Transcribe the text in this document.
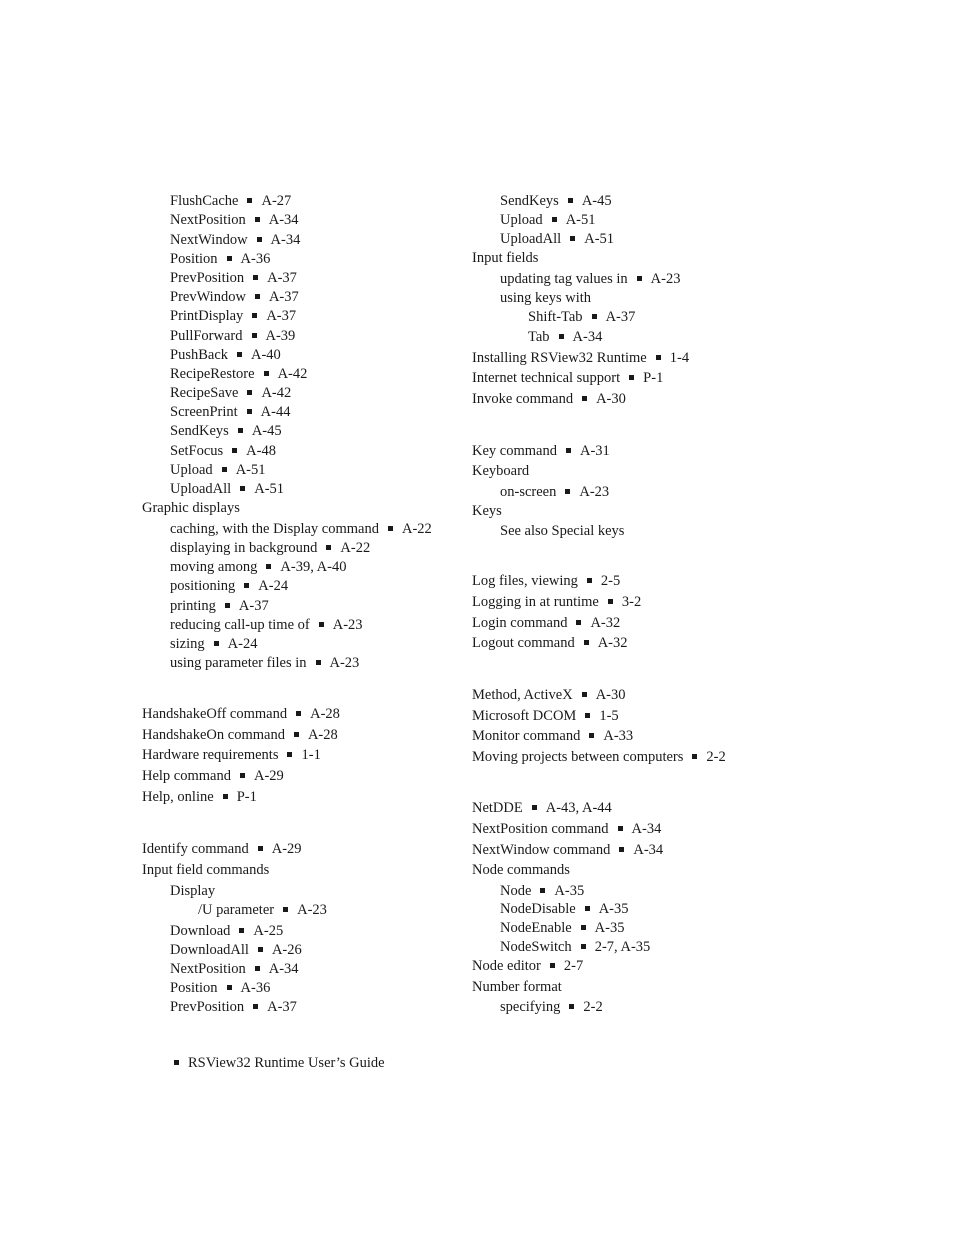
FlushCache A-27
NextPosition A-34
NextWindow A-34
Position A-36
PrevPosition A-37
PrevWindow A-37
PrintDisplay A-37
PullForward A-39
PushBack A-40
RecipeRestore A-42
RecipeSave A-42
ScreenPrint A-44
SendKeys A-45
SetFocus A-48
Upload A-51
UploadAll A-51
Graphic displays
caching, with the Display command A-22
displaying in background A-22
moving among A-39, A-40
positioning A-24
printing A-37
reducing call-up time of A-23
sizing A-24
using parameter files in A-23
HandshakeOff command A-28
HandshakeOn command A-28
Hardware requirements 1-1
Help command A-29
Help, online P-1
Identify command A-29
Input field commands
Display
/U parameter A-23
Download A-25
DownloadAll A-26
NextPosition A-34
Position A-36
PrevPosition A-37
SendKeys A-45
Upload A-51
UploadAll A-51
Input fields
updating tag values in A-23
using keys with
Shift-Tab A-37
Tab A-34
Installing RSView32 Runtime 1-4
Internet technical support P-1
Invoke command A-30
Key command A-31
Keyboard
on-screen A-23
Keys
See also Special keys
Log files, viewing 2-5
Logging in at runtime 3-2
Login command A-32
Logout command A-32
Method, ActiveX A-30
Microsoft DCOM 1-5
Monitor command A-33
Moving projects between computers 2-2
NetDDE A-43, A-44
NextPosition command A-34
NextWindow command A-34
Node commands
Node A-35
NodeDisable A-35
NodeEnable A-35
NodeSwitch 2-7, A-35
Node editor 2-7
Number format
specifying 2-2
RSView32 Runtime User’s Guide
